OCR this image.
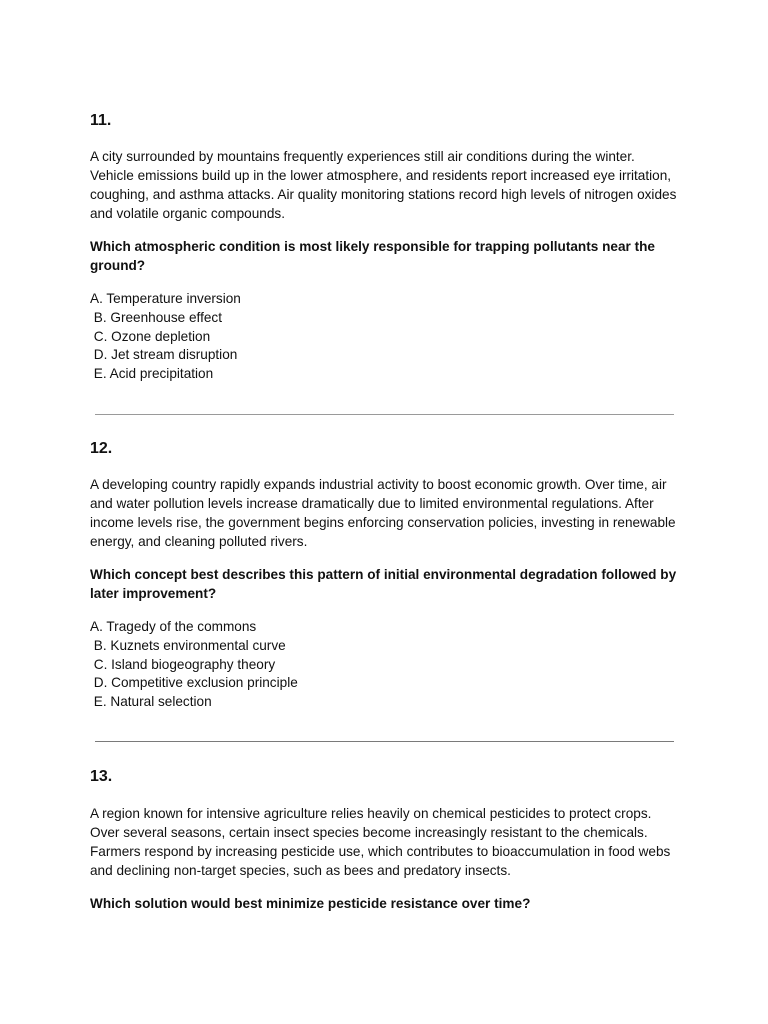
11.

A city surrounded by mountains frequently experiences still air conditions during the winter. Vehicle emissions build up in the lower atmosphere, and residents report increased eye irritation, coughing, and asthma attacks. Air quality monitoring stations record high levels of nitrogen oxides and volatile organic compounds.

Which atmospheric condition is most likely responsible for trapping pollutants near the ground?

A. Temperature inversion
B. Greenhouse effect
C. Ozone depletion
D. Jet stream disruption
E. Acid precipitation

12.

A developing country rapidly expands industrial activity to boost economic growth. Over time, air and water pollution levels increase dramatically due to limited environmental regulations. After income levels rise, the government begins enforcing conservation policies, investing in renewable energy, and cleaning polluted rivers.

Which concept best describes this pattern of initial environmental degradation followed by later improvement?

A. Tragedy of the commons
B. Kuznets environmental curve
C. Island biogeography theory
D. Competitive exclusion principle
E. Natural selection

13.

A region known for intensive agriculture relies heavily on chemical pesticides to protect crops. Over several seasons, certain insect species become increasingly resistant to the chemicals. Farmers respond by increasing pesticide use, which contributes to bioaccumulation in food webs and declining non-target species, such as bees and predatory insects.

Which solution would best minimize pesticide resistance over time?
